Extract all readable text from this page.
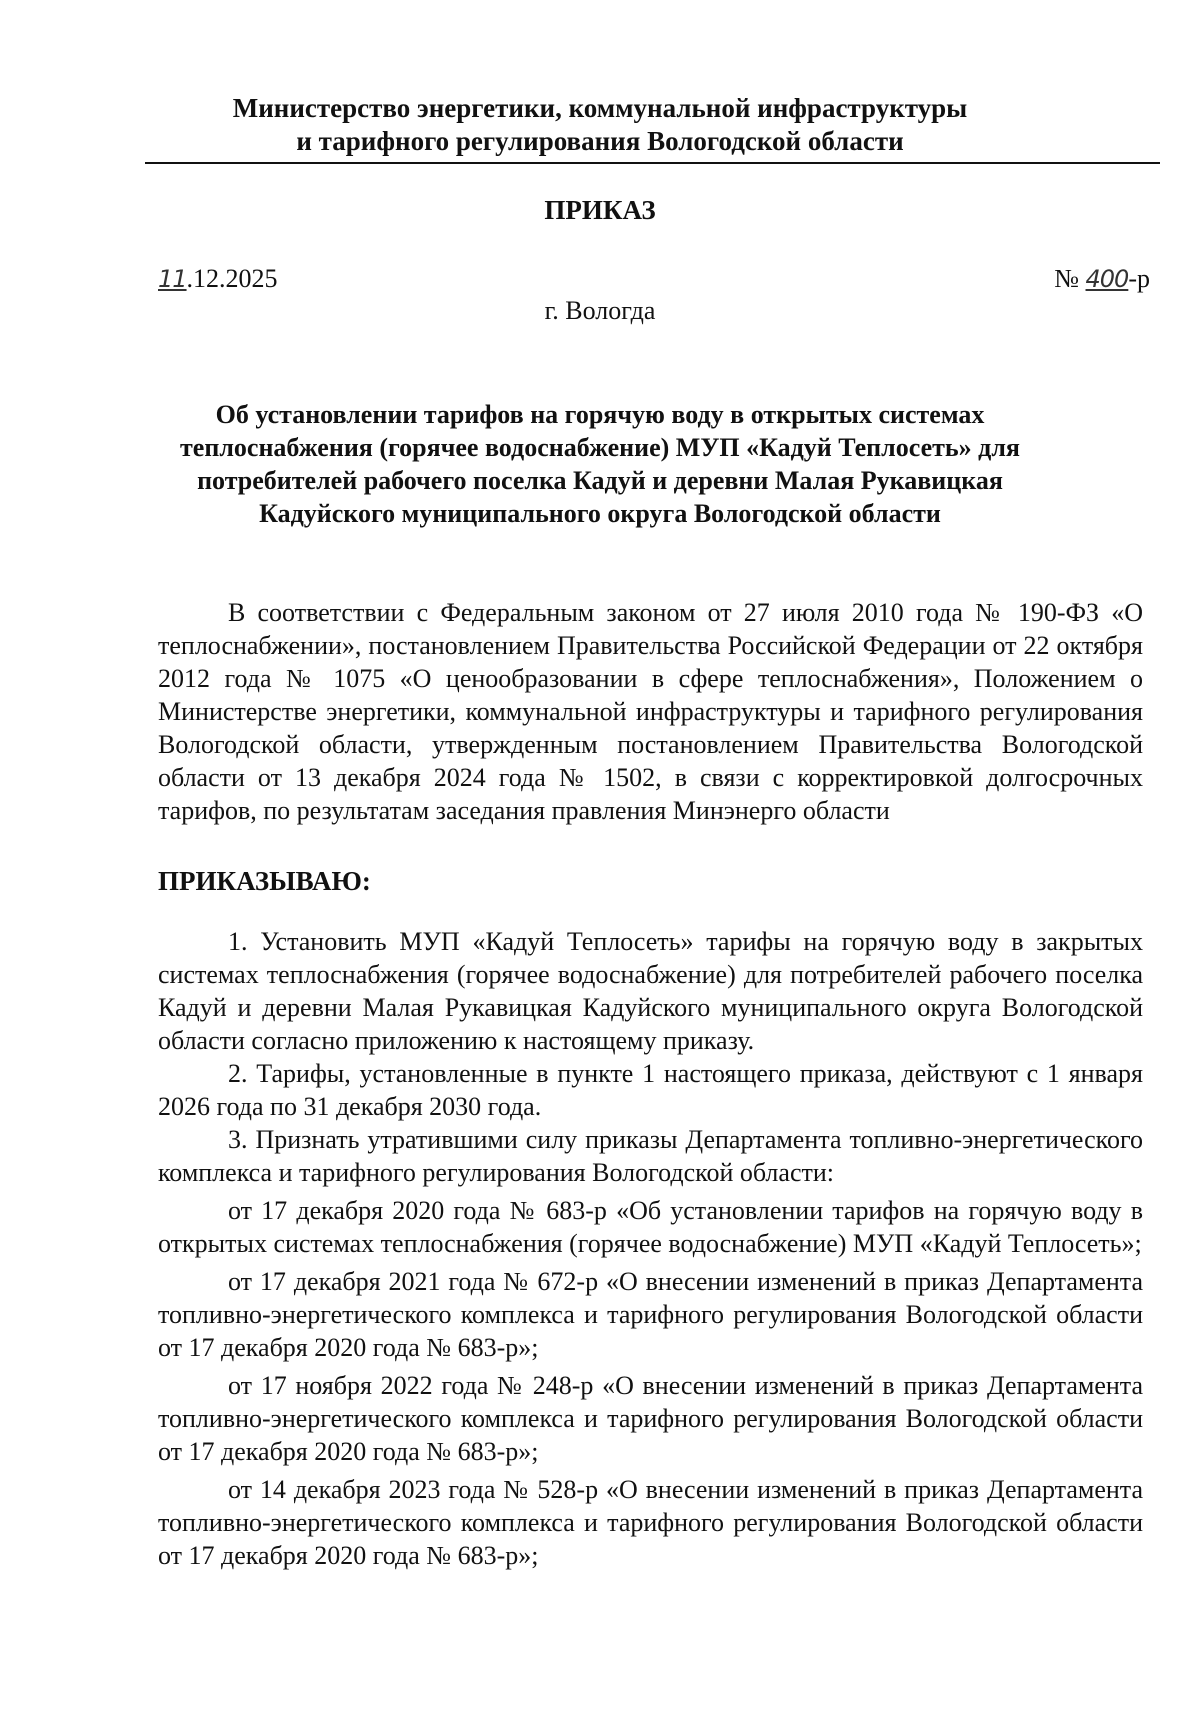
Министерство энергетики, коммунальной инфраструктуры
и тарифного регулирования Вологодской области
ПРИКАЗ
11.12.2025	№ 400-р
г. Вологда
Об установлении тарифов на горячую воду в открытых системах
теплоснабжения (горячее водоснабжение) МУП «Кадуй Теплосеть» для
потребителей рабочего поселка Кадуй и деревни Малая Рукавицкая
Кадуйского муниципального округа Вологодской области

В соответствии с Федеральным законом от 27 июля 2010 года № 190-ФЗ «О теплоснабжении», постановлением Правительства Российской Федерации от 22 октября 2012 года № 1075 «О ценообразовании в сфере теплоснабжения», Положением о Министерстве энергетики, коммунальной инфраструктуры и тарифного регулирования Вологодской области, утвержденным постановлением Правительства Вологодской области от 13 декабря 2024 года № 1502, в связи с корректировкой долгосрочных тарифов, по результатам заседания правления Минэнерго области

ПРИКАЗЫВАЮ:

1. Установить МУП «Кадуй Теплосеть» тарифы на горячую воду в закрытых системах теплоснабжения (горячее водоснабжение) для потребителей рабочего поселка Кадуй и деревни Малая Рукавицкая Кадуйского муниципального округа Вологодской области согласно приложению к настоящему приказу.

2. Тарифы, установленные в пункте 1 настоящего приказа, действуют с 1 января 2026 года по 31 декабря 2030 года.

3. Признать утратившими силу приказы Департамента топливно-энергетического комплекса и тарифного регулирования Вологодской области:

от 17 декабря 2020 года № 683-р «Об установлении тарифов на горячую воду в открытых системах теплоснабжения (горячее водоснабжение) МУП «Кадуй Теплосеть»;

от 17 декабря 2021 года № 672-р «О внесении изменений в приказ Департамента топливно-энергетического комплекса и тарифного регулирования Вологодской области от 17 декабря 2020 года № 683-р»;

от 17 ноября 2022 года № 248-р «О внесении изменений в приказ Департамента топливно-энергетического комплекса и тарифного регулирования Вологодской области от 17 декабря 2020 года № 683-р»;

от 14 декабря 2023 года № 528-р «О внесении изменений в приказ Департамента топливно-энергетического комплекса и тарифного регулирования Вологодской области от 17 декабря 2020 года № 683-р»;
